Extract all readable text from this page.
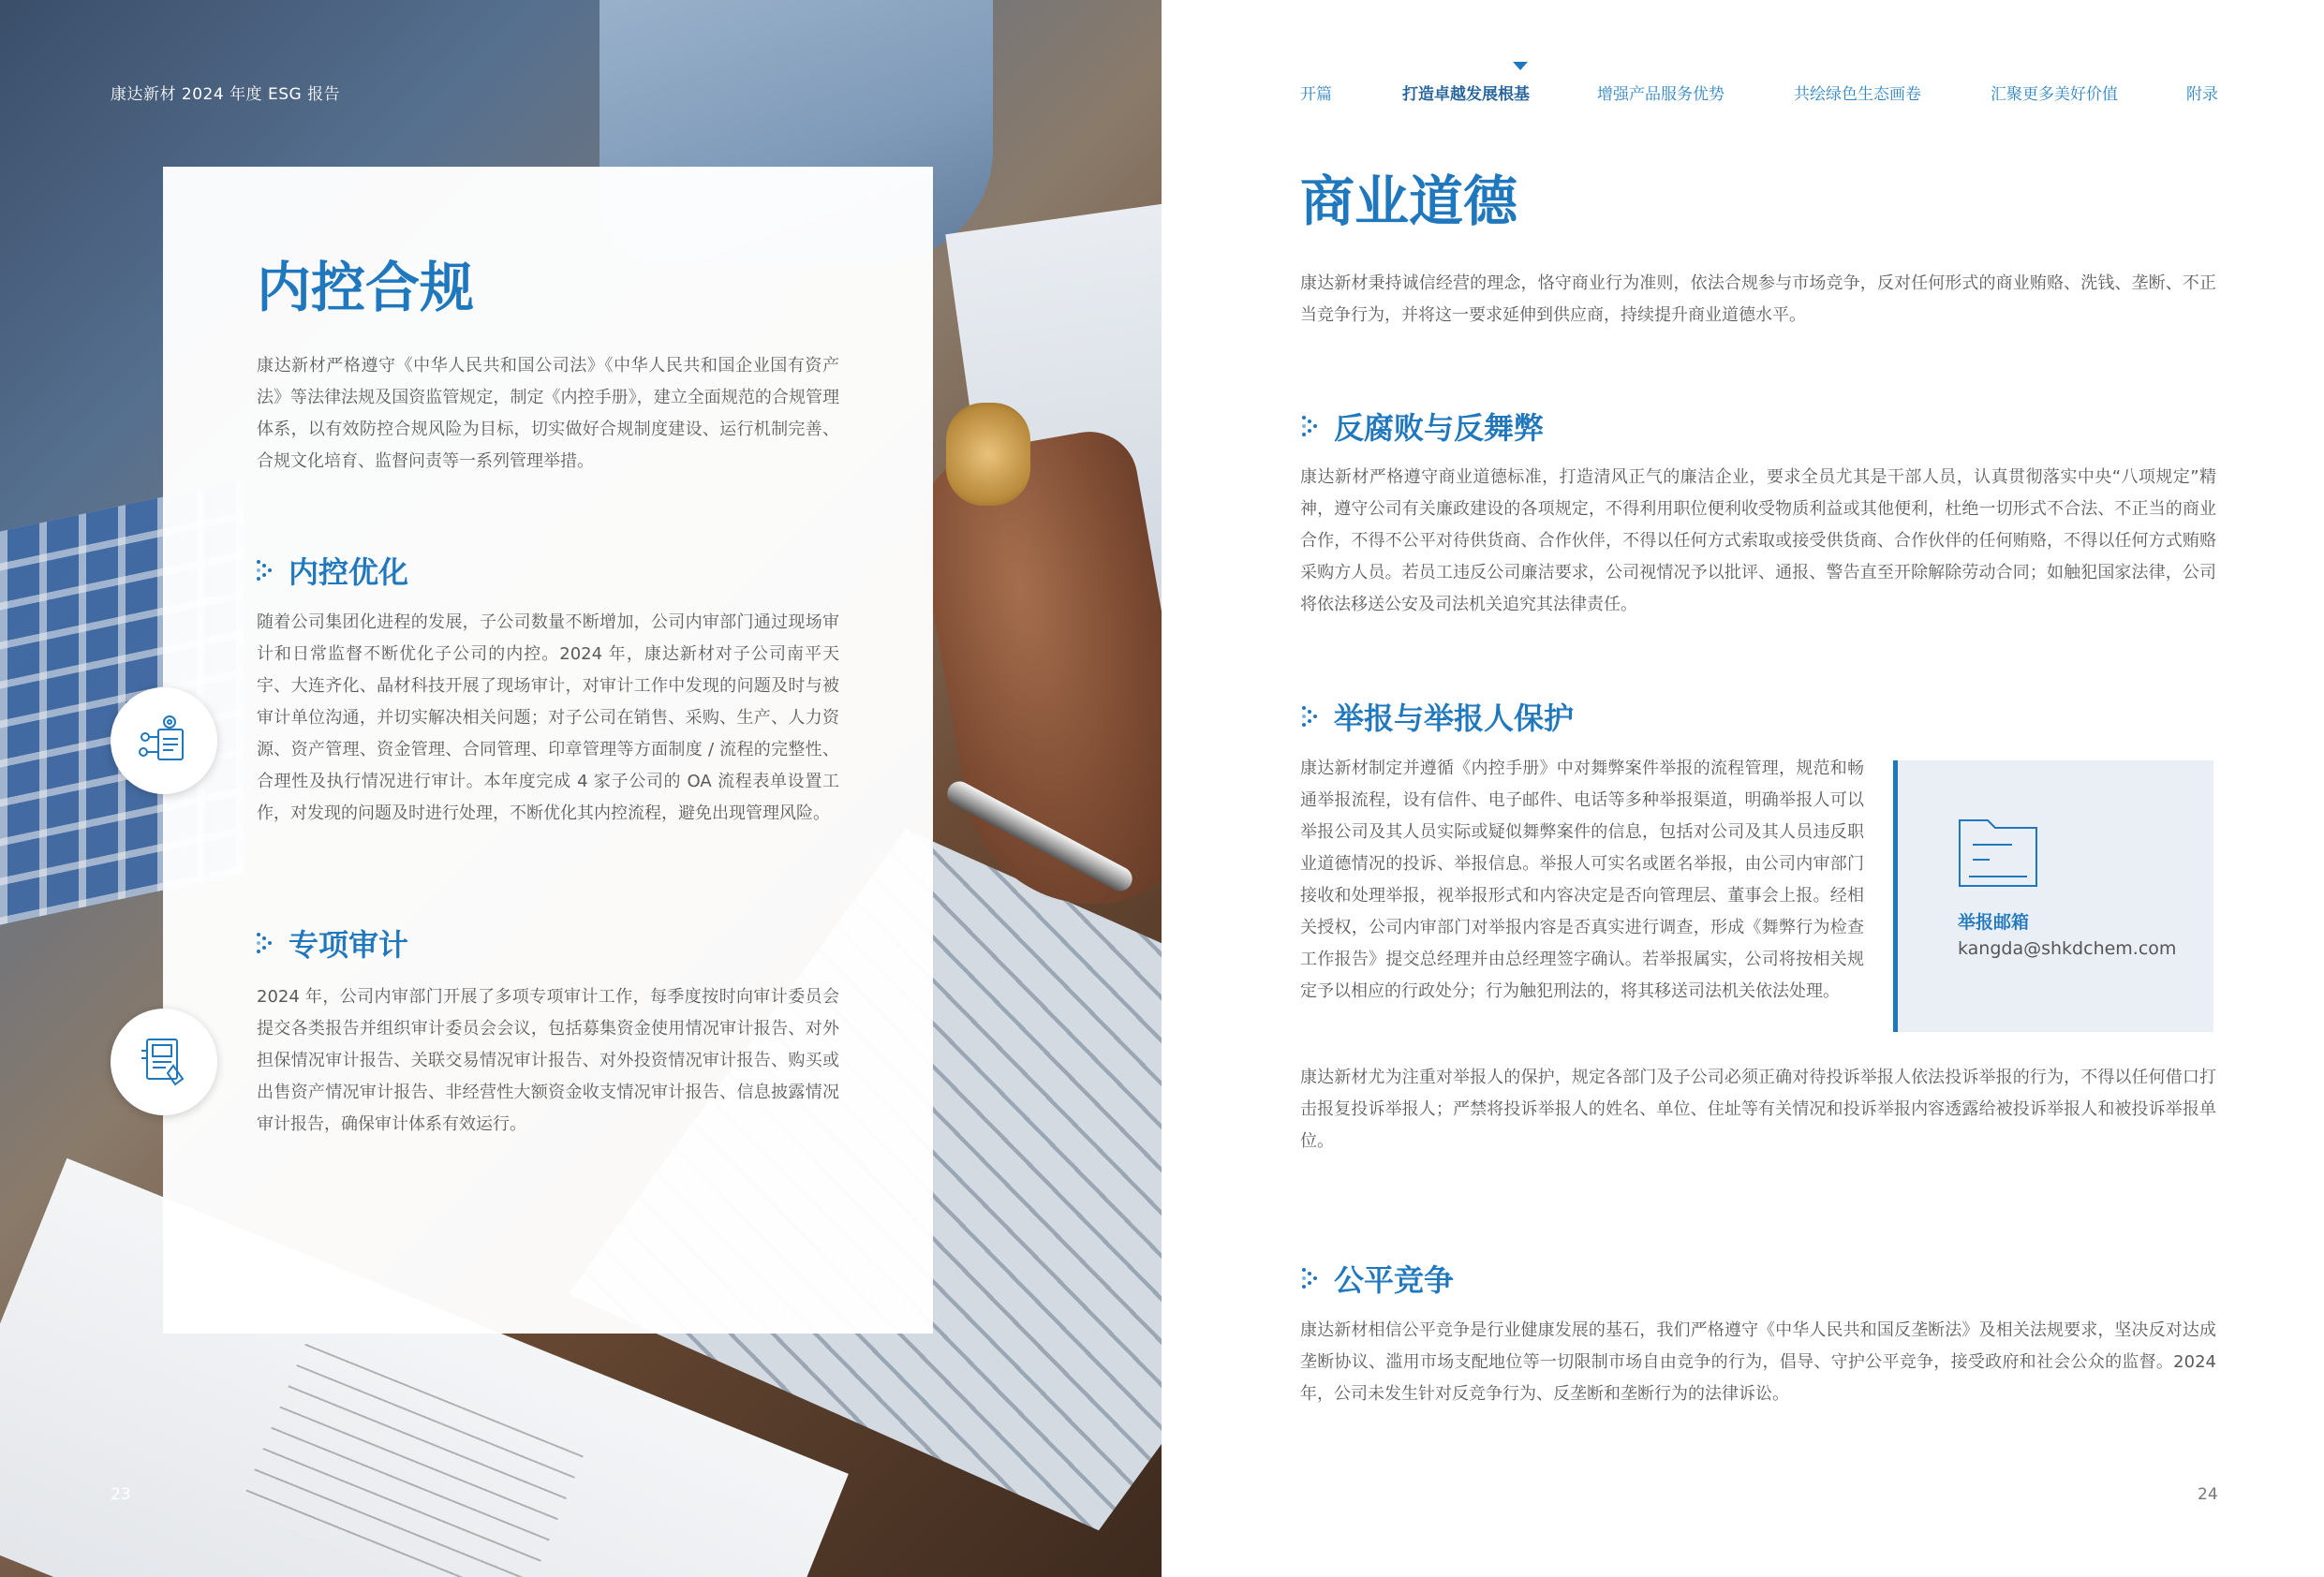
康达新材 2024 年度 ESG 报告
内控合规
康达新材严格遵守《中华人民共和国公司法》《中华人民共和国企业国有资产法》等法律法规及国资监管规定，制定《内控手册》，建立全面规范的合规管理体系，以有效防控合规风险为目标，切实做好合规制度建设、运行机制完善、合规文化培育、监督问责等一系列管理举措。
内控优化
随着公司集团化进程的发展，子公司数量不断增加，公司内审部门通过现场审计和日常监督不断优化子公司的内控。2024 年，康达新材对子公司南平天宇、大连齐化、晶材科技开展了现场审计，对审计工作中发现的问题及时与被审计单位沟通，并切实解决相关问题；对子公司在销售、采购、生产、人力资源、资产管理、资金管理、合同管理、印章管理等方面制度 / 流程的完整性、合理性及执行情况进行审计。本年度完成 4 家子公司的 OA 流程表单设置工作，对发现的问题及时进行处理，不断优化其内控流程，避免出现管理风险。
专项审计
2024 年，公司内审部门开展了多项专项审计工作，每季度按时向审计委员会提交各类报告并组织审计委员会会议，包括募集资金使用情况审计报告、对外担保情况审计报告、关联交易情况审计报告、对外投资情况审计报告、购买或出售资产情况审计报告、非经营性大额资金收支情况审计报告、信息披露情况审计报告，确保审计体系有效运行。
23
开篇	打造卓越发展根基	增强产品服务优势	共绘绿色生态画卷	汇聚更多美好价值	附录
商业道德
康达新材秉持诚信经营的理念，恪守商业行为准则，依法合规参与市场竞争，反对任何形式的商业贿赂、洗钱、垄断、不正当竞争行为，并将这一要求延伸到供应商，持续提升商业道德水平。
反腐败与反舞弊
康达新材严格遵守商业道德标准，打造清风正气的廉洁企业，要求全员尤其是干部人员，认真贯彻落实中央“八项规定”精神，遵守公司有关廉政建设的各项规定，不得利用职位便利收受物质利益或其他便利，杜绝一切形式不合法、不正当的商业合作，不得不公平对待供货商、合作伙伴，不得以任何方式索取或接受供货商、合作伙伴的任何贿赂，不得以任何方式贿赂采购方人员。若员工违反公司廉洁要求，公司视情况予以批评、通报、警告直至开除解除劳动合同；如触犯国家法律，公司将依法移送公安及司法机关追究其法律责任。
举报与举报人保护
康达新材制定并遵循《内控手册》中对舞弊案件举报的流程管理，规范和畅通举报流程，设有信件、电子邮件、电话等多种举报渠道，明确举报人可以举报公司及其人员实际或疑似舞弊案件的信息，包括对公司及其人员违反职业道德情况的投诉、举报信息。举报人可实名或匿名举报，由公司内审部门接收和处理举报，视举报形式和内容决定是否向管理层、董事会上报。经相关授权，公司内审部门对举报内容是否真实进行调查，形成《舞弊行为检查工作报告》提交总经理并由总经理签字确认。若举报属实，公司将按相关规定予以相应的行政处分；行为触犯刑法的，将其移送司法机关依法处理。
举报邮箱
kangda@shkdchem.com
康达新材尤为注重对举报人的保护，规定各部门及子公司必须正确对待投诉举报人依法投诉举报的行为，不得以任何借口打击报复投诉举报人；严禁将投诉举报人的姓名、单位、住址等有关情况和投诉举报内容透露给被投诉举报人和被投诉举报单位。
公平竞争
康达新材相信公平竞争是行业健康发展的基石，我们严格遵守《中华人民共和国反垄断法》及相关法规要求，坚决反对达成垄断协议、滥用市场支配地位等一切限制市场自由竞争的行为，倡导、守护公平竞争，接受政府和社会公众的监督。2024 年，公司未发生针对反竞争行为、反垄断和垄断行为的法律诉讼。
24
